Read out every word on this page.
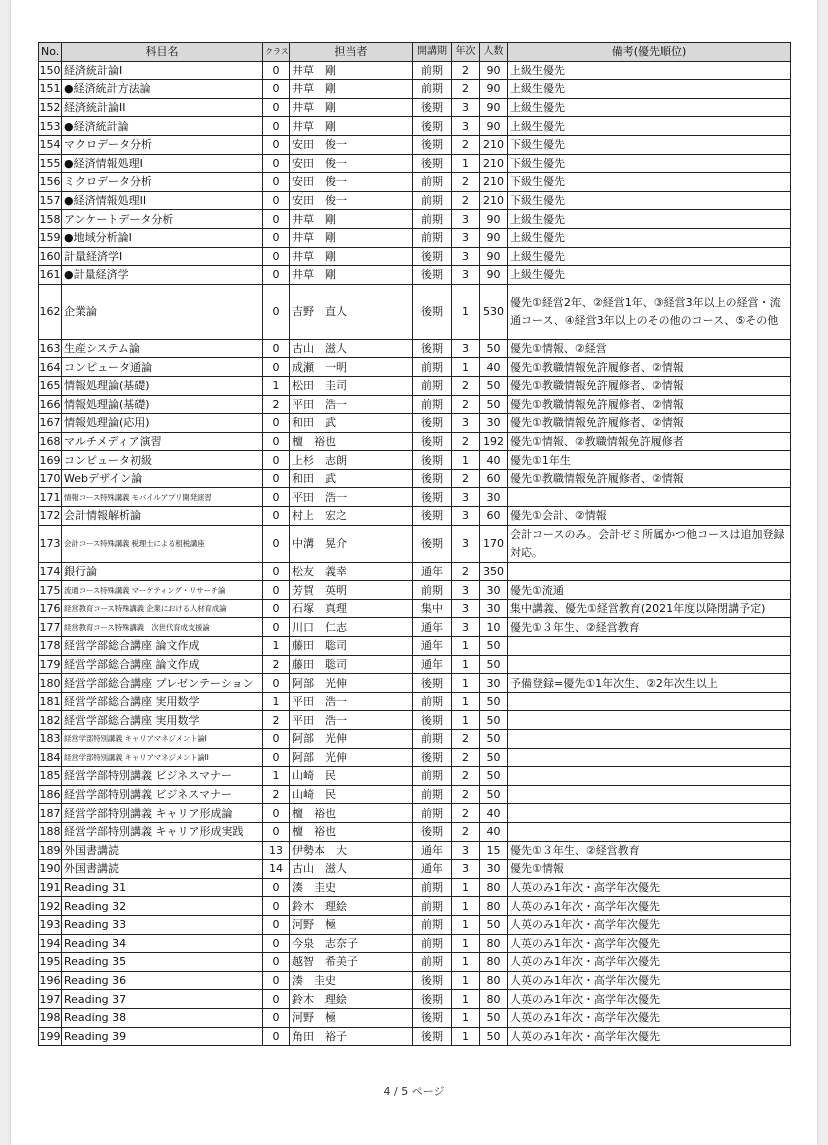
No.	科目名	クラス	担当者	開講期	年次	人数	備考(優先順位)
150	経済統計論I	0	井草　剛	前期	2	90	上級生優先
151	●経済統計方法論	0	井草　剛	前期	2	90	上級生優先
152	経済統計論II	0	井草　剛	後期	3	90	上級生優先
153	●経済統計論	0	井草　剛	後期	3	90	上級生優先
154	マクロデータ分析	0	安田　俊一	後期	2	210	下級生優先
155	●経済情報処理I	0	安田　俊一	後期	1	210	下級生優先
156	ミクロデータ分析	0	安田　俊一	前期	2	210	下級生優先
157	●経済情報処理II	0	安田　俊一	前期	2	210	下級生優先
158	アンケートデータ分析	0	井草　剛	前期	3	90	上級生優先
159	●地域分析論I	0	井草　剛	前期	3	90	上級生優先
160	計量経済学I	0	井草　剛	後期	3	90	上級生優先
161	●計量経済学	0	井草　剛	後期	3	90	上級生優先
162	企業論	0	吉野　直人	後期	1	530	優先①経営2年、②経営1年、③経営3年以上の経営・流通コース、④経営3年以上のその他のコース、⑤その他
163	生産システム論	0	古山　滋人	後期	3	50	優先①情報、②経営
164	コンピュータ通論	0	成瀬　一明	前期	1	40	優先①教職情報免許履修者、②情報
165	情報処理論(基礎)	1	松田　圭司	前期	2	50	優先①教職情報免許履修者、②情報
166	情報処理論(基礎)	2	平田　浩一	前期	2	50	優先①教職情報免許履修者、②情報
167	情報処理論(応用)	0	和田　武	後期	3	30	優先①教職情報免許履修者、②情報
168	マルチメディア演習	0	檀　裕也	後期	2	192	優先①情報、②教職情報免許履修者
169	コンピュータ初級	0	上杉　志朗	後期	1	40	優先①1年生
170	Webデザイン論	0	和田　武	後期	2	60	優先①教職情報免許履修者、②情報
171	情報コース特殊講義 モバイルアプリ開発演習	0	平田　浩一	後期	3	30	
172	会計情報解析論	0	村上　宏之	後期	3	60	優先①会計、②情報
173	会計コース特殊講義 税理士による租税講座	0	中溝　晃介	後期	3	170	会計コースのみ。会計ゼミ所属かつ他コースは追加登録対応。
174	銀行論	0	松友　義幸	通年	2	350	
175	流通コース特殊講義 マーケティング・リサーチ論	0	芳賀　英明	前期	3	30	優先①流通
176	経営教育コース特殊講義 企業における人材育成論	0	石塚　真理	集中	3	30	集中講義、優先①経営教育(2021年度以降閉講予定)
177	経営教育コース特殊講義　次世代育成支援論	0	川口　仁志	通年	3	10	優先①３年生、②経営教育
178	経営学部総合講座 論文作成	1	藤田　聡司	通年	1	50	
179	経営学部総合講座 論文作成	2	藤田　聡司	通年	1	50	
180	経営学部総合講座 プレゼンテーション	0	阿部　光伸	後期	1	30	予備登録=優先①1年次生、②2年次生以上
181	経営学部総合講座 実用数学	1	平田　浩一	前期	1	50	
182	経営学部総合講座 実用数学	2	平田　浩一	後期	1	50	
183	経営学部特別講義 キャリアマネジメント論I	0	阿部　光伸	前期	2	50	
184	経営学部特別講義 キャリアマネジメント論II	0	阿部　光伸	後期	2	50	
185	経営学部特別講義 ビジネスマナー	1	山崎　民	前期	2	50	
186	経営学部特別講義 ビジネスマナー	2	山崎　民	前期	2	50	
187	経営学部特別講義 キャリア形成論	0	檀　裕也	前期	2	40	
188	経営学部特別講義 キャリア形成実践	0	檀　裕也	後期	2	40	
189	外国書講読	13	伊勢本　大	通年	3	15	優先①３年生、②経営教育
190	外国書講読	14	古山　滋人	通年	3	30	優先①情報
191	Reading 31	0	湊　圭史	前期	1	80	人英のみ1年次・高学年次優先
192	Reading 32	0	鈴木　理絵	前期	1	80	人英のみ1年次・高学年次優先
193	Reading 33	0	河野　極	前期	1	50	人英のみ1年次・高学年次優先
194	Reading 34	0	今泉　志奈子	前期	1	80	人英のみ1年次・高学年次優先
195	Reading 35	0	越智　希美子	前期	1	80	人英のみ1年次・高学年次優先
196	Reading 36	0	湊　圭史	後期	1	80	人英のみ1年次・高学年次優先
197	Reading 37	0	鈴木　理絵	後期	1	80	人英のみ1年次・高学年次優先
198	Reading 38	0	河野　極	後期	1	50	人英のみ1年次・高学年次優先
199	Reading 39	0	角田　裕子	後期	1	50	人英のみ1年次・高学年次優先
4 / 5 ページ
